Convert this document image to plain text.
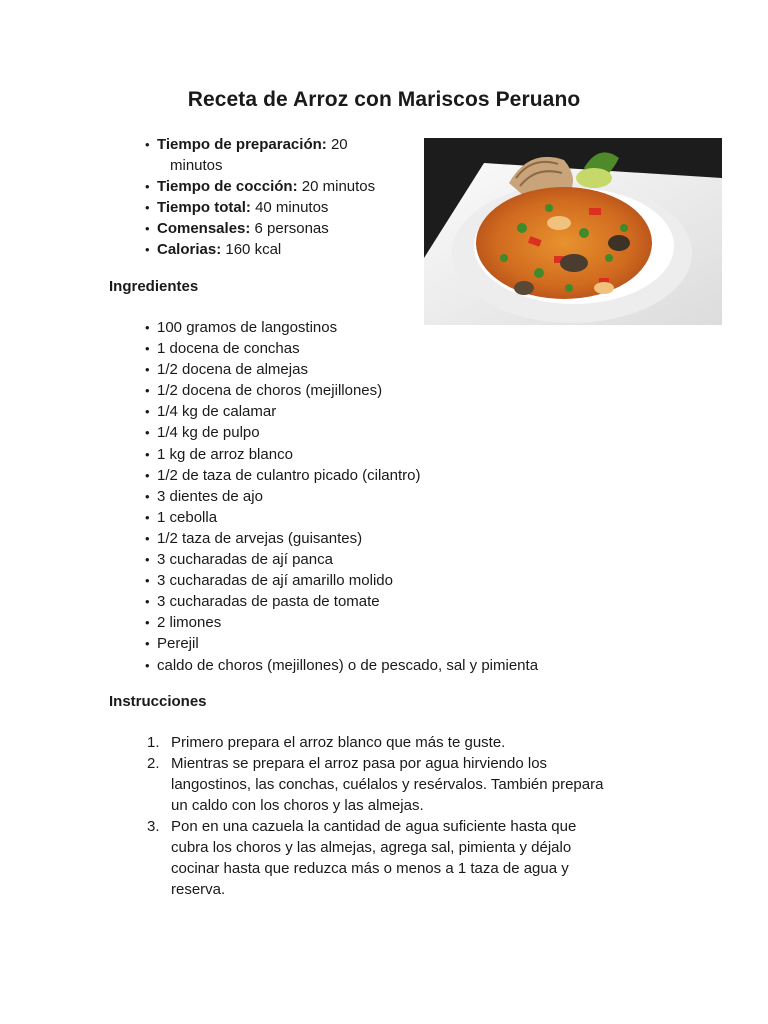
Receta de Arroz con Mariscos Peruano
• Tiempo de preparación: 20
minutos
• Tiempo de cocción: 20 minutos
• Tiempo total: 40 minutos
• Comensales: 6 personas
• Calorias: 160 kcal
Ingredientes
• 100 gramos de langostinos
• 1 docena de conchas
• 1/2 docena de almejas
• 1/2 docena de choros (mejillones)
• 1/4 kg de calamar
• 1/4 kg de pulpo
• 1 kg de arroz blanco
• 1/2 de taza de culantro picado (cilantro)
• 3 dientes de ajo
• 1 cebolla
• 1/2 taza de arvejas (guisantes)
• 3 cucharadas de ají panca
• 3 cucharadas de ají amarillo molido
• 3 cucharadas de pasta de tomate
• 2 limones
• Perejil
• caldo de choros (mejillones) o de pescado, sal y pimienta
Instrucciones
1. Primero prepara el arroz blanco que más te guste.
2. Mientras se prepara el arroz pasa por agua hirviendo los
langostinos, las conchas, cuélalos y resérvalos. También prepara
un caldo con los choros y las almejas.
3. Pon en una cazuela la cantidad de agua suficiente hasta que
cubra los choros y las almejas, agrega sal, pimienta y déjalo
cocinar hasta que reduzca más o menos a 1 taza de agua y
reserva.
